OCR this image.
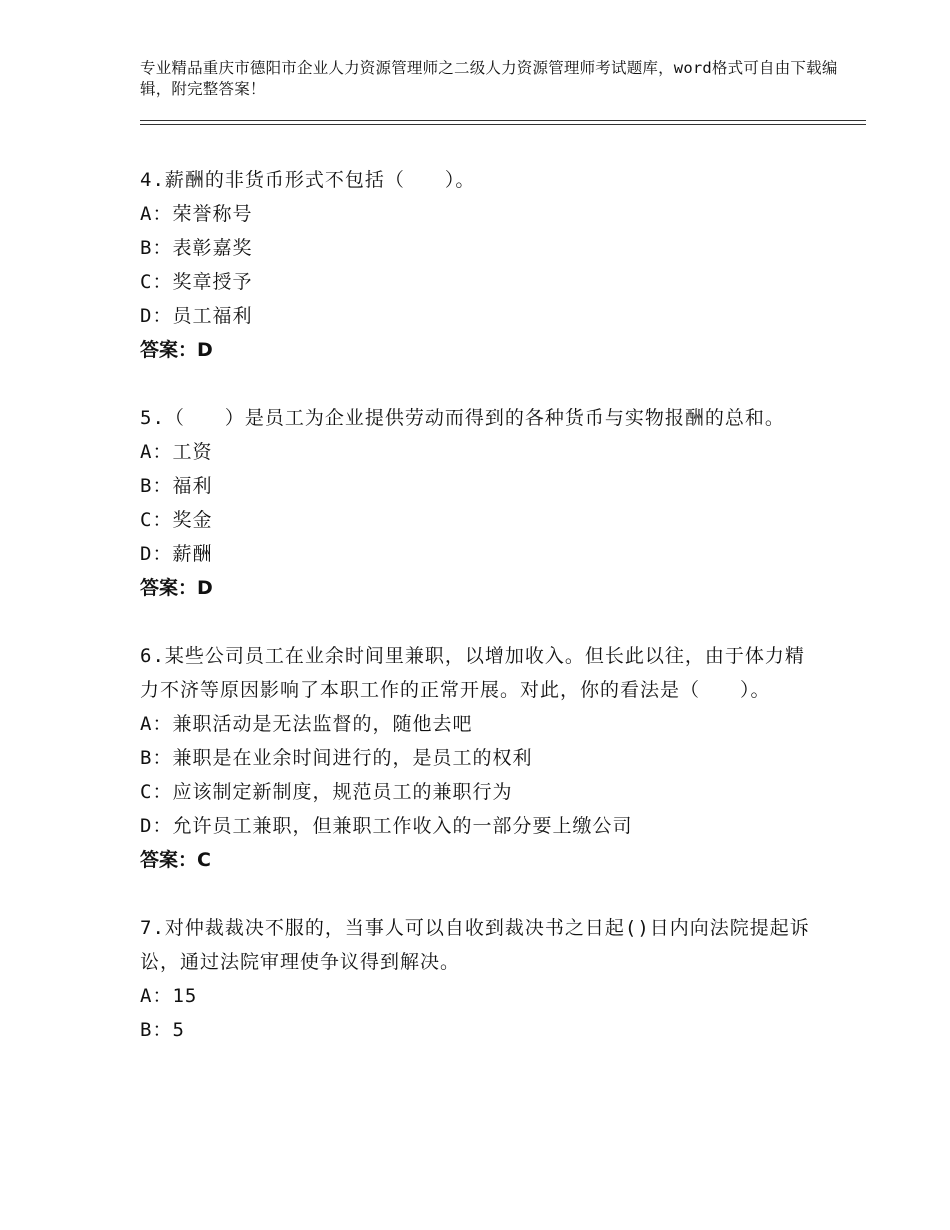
专业精品重庆市德阳市企业人力资源管理师之二级人力资源管理师考试题库，word格式可自由下载编辑，附完整答案！
4.薪酬的非货币形式不包括（　　）。
A：荣誉称号
B：表彰嘉奖
C：奖章授予
D：员工福利
答案：D
5.（　　）是员工为企业提供劳动而得到的各种货币与实物报酬的总和。
A：工资
B：福利
C：奖金
D：薪酬
答案：D
6.某些公司员工在业余时间里兼职，以增加收入。但长此以往，由于体力精力不济等原因影响了本职工作的正常开展。对此，你的看法是（　　）。
A：兼职活动是无法监督的，随他去吧
B：兼职是在业余时间进行的，是员工的权利
C：应该制定新制度，规范员工的兼职行为
D：允许员工兼职，但兼职工作收入的一部分要上缴公司
答案：C
7.对仲裁裁决不服的，当事人可以自收到裁决书之日起()日内向法院提起诉讼，通过法院审理使争议得到解决。
A：15
B：5
